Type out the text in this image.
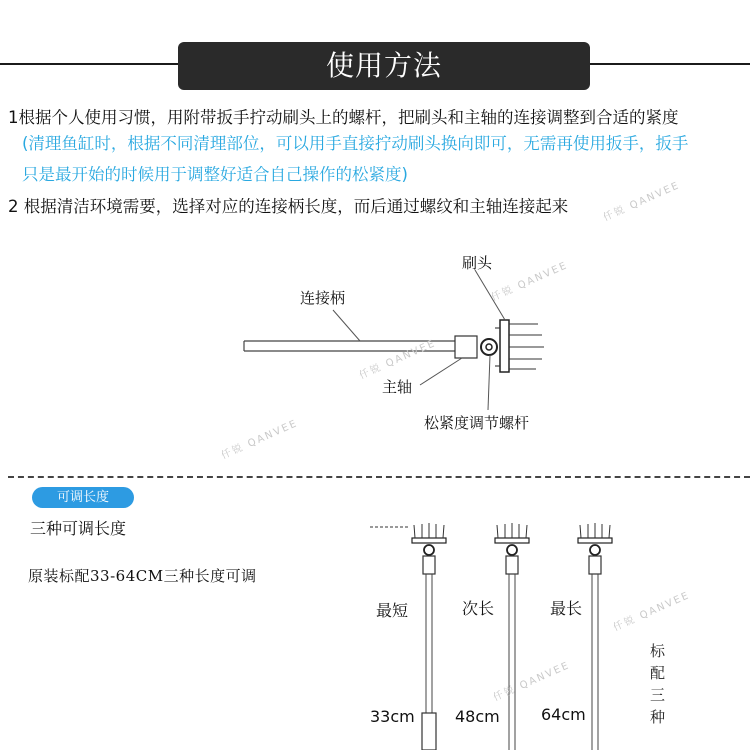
使用方法
1根据个人使用习惯，用附带扳手拧动刷头上的螺杆，把刷头和主轴的连接调整到合适的紧度
(清理鱼缸时，根据不同清理部位，可以用手直接拧动刷头换向即可，无需再使用扳手，扳手
只是最开始的时候用于调整好适合自己操作的松紧度)
2 根据清洁环境需要，选择对应的连接柄长度，而后通过螺纹和主轴连接起来
刷头
连接柄
主轴
松紧度调节螺杆
可调长度
三种可调长度
原装标配33-64CM三种长度可调
最短	次长	最长
33cm	48cm	64cm
标配三种
仟锐 QANVEE
仟锐 QANVEE
仟锐 QANVEE
仟锐 QANVEE
仟锐 QANVEE
仟锐 QANVEE
